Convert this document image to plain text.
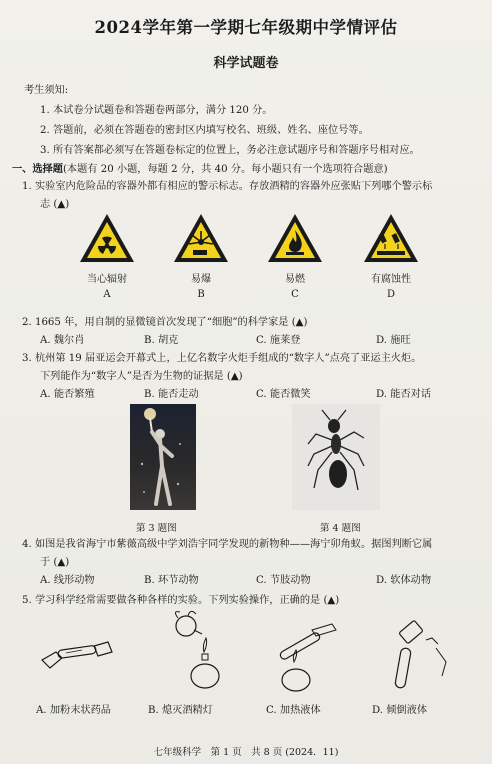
2024学年第一学期七年级期中学情评估
科学试题卷
考生须知:
1. 本试卷分试题卷和答题卷两部分，满分 120 分。
2. 答题前，必须在答题卷的密封区内填写校名、班级、姓名、座位号等。
3. 所有答案都必须写在答题卷标定的位置上，务必注意试题序号和答题序号相对应。
一、选择题(本题有 20 小题，每题 2 分，共 40 分。每小题只有一个选项符合题意)
1. 实验室内危险品的容器外都有相应的警示标志。存放酒精的容器外应张贴下列哪个警示标
志 (▲)
当心辐射
A
易爆
B
易燃
C
有腐蚀性
D
2. 1665 年，用自制的显微镜首次发现了“细胞”的科学家是 (▲)
A. 魏尔肖	B. 胡克	C. 施莱登	D. 施旺
3. 杭州第 19 届亚运会开幕式上，上亿名数字火炬手组成的“数字人”点亮了亚运主火炬。
下列能作为“数字人”是否为生物的证据是 (▲)
A. 能否繁殖	B. 能否走动	C. 能否微笑	D. 能否对话
第 3 题图	第 4 题图
4. 如图是我省海宁市紫薇高级中学刘浩宇同学发现的新物种——海宁卯角蚁。据图判断它属
于 (▲)
A. 线形动物	B. 环节动物	C. 节肢动物	D. 软体动物
5. 学习科学经常需要做各种各样的实验。下列实验操作，正确的是 (▲)
A. 加粉末状药品	B. 熄灭酒精灯	C. 加热液体	D. 倾倒液体
七年级科学　第 1 页　共 8 页 (2024．11)
